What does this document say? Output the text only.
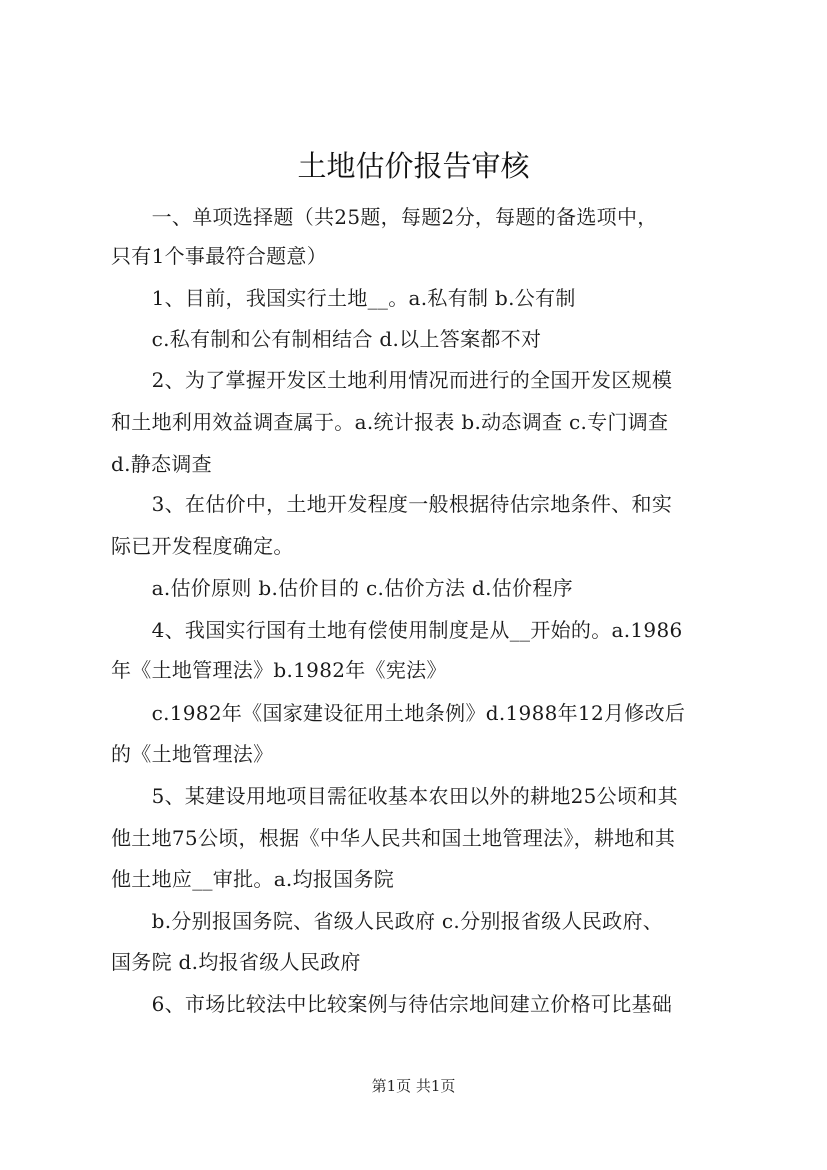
土地估价报告审核
　　一、单项选择题（共25题，每题2分，每题的备选项中，
只有1个事最符合题意）
　　1、目前，我国实行土地__。a.私有制 b.公有制
　　c.私有制和公有制相结合 d.以上答案都不对
　　2、为了掌握开发区土地利用情况而进行的全国开发区规模
和土地利用效益调查属于。a.统计报表 b.动态调查 c.专门调查
d.静态调查
　　3、在估价中，土地开发程度一般根据待估宗地条件、和实
际已开发程度确定。
　　a.估价原则 b.估价目的 c.估价方法 d.估价程序
　　4、我国实行国有土地有偿使用制度是从__开始的。a.1986
年《土地管理法》b.1982年《宪法》
　　c.1982年《国家建设征用土地条例》d.1988年12月修改后
的《土地管理法》
　　5、某建设用地项目需征收基本农田以外的耕地25公顷和其
他土地75公顷，根据《中华人民共和国土地管理法》，耕地和其
他土地应__审批。a.均报国务院
　　b.分别报国务院、省级人民政府 c.分别报省级人民政府、
国务院 d.均报省级人民政府
　　6、市场比较法中比较案例与待估宗地间建立价格可比基础
第1页 共1页
